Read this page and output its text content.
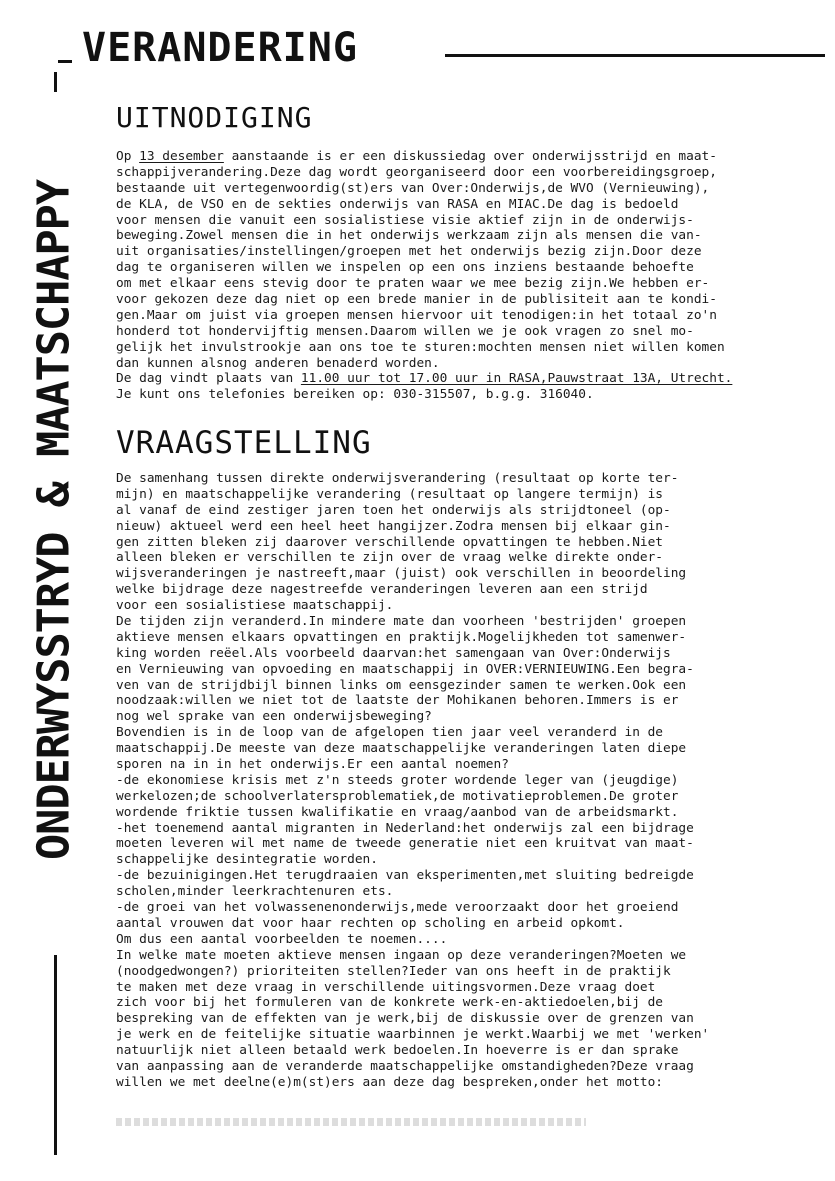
ONDERWYSSTRYD & MAATSCHAPPY
VERANDERING
UITNODIGING
Op 13 desember aanstaande is er een diskussiedag over onderwijsstrijd en maat-
schappijverandering.Deze dag wordt georganiseerd door een voorbereidingsgroep,
bestaande uit vertegenwoordig(st)ers van Over:Onderwijs,de WVO (Vernieuwing),
de KLA, de VSO en de sekties onderwijs van RASA en MIAC.De dag is bedoeld
voor mensen die vanuit een sosialistiese visie aktief zijn in de onderwijs-
beweging.Zowel mensen die in het onderwijs werkzaam zijn als mensen die van-
uit organisaties/instellingen/groepen met het onderwijs bezig zijn.Door deze
dag te organiseren willen we inspelen op een ons inziens bestaande behoefte
om met elkaar eens stevig door te praten waar we mee bezig zijn.We hebben er-
voor gekozen deze dag niet op een brede manier in de publisiteit aan te kondi-
gen.Maar om juist via groepen mensen hiervoor uit tenodigen:in het totaal zo'n
honderd tot hondervijftig mensen.Daarom willen we je ook vragen zo snel mo-
gelijk het invulstrookje aan ons toe te sturen:mochten mensen niet willen komen
dan kunnen alsnog anderen benaderd worden.
De dag vindt plaats van 11.00 uur tot 17.00 uur in RASA,Pauwstraat 13A, Utrecht.
Je kunt ons telefonies bereiken op: 030-315507, b.g.g. 316040.
VRAAGSTELLING
De samenhang tussen direkte onderwijsverandering (resultaat op korte ter-
mijn) en maatschappelijke verandering (resultaat op langere termijn) is
al vanaf de eind zestiger jaren toen het onderwijs als strijdtoneel (op-
nieuw) aktueel werd een heel heet hangijzer.Zodra mensen bij elkaar gin-
gen zitten bleken zij daarover verschillende opvattingen te hebben.Niet
alleen bleken er verschillen te zijn over de vraag welke direkte onder-
wijsveranderingen je nastreeft,maar (juist) ook verschillen in beoordeling
welke bijdrage deze nagestreefde veranderingen leveren aan een strijd
voor een sosialistiese maatschappij.
De tijden zijn veranderd.In mindere mate dan voorheen 'bestrijden' groepen
aktieve mensen elkaars opvattingen en praktijk.Mogelijkheden tot samenwer-
king worden reëel.Als voorbeeld daarvan:het samengaan van Over:Onderwijs
en Vernieuwing van opvoeding en maatschappij in OVER:VERNIEUWING.Een begra-
ven van de strijdbijl binnen links om eensgezinder samen te werken.Ook een
noodzaak:willen we niet tot de laatste der Mohikanen behoren.Immers is er
nog wel sprake van een onderwijsbeweging?
Bovendien is in de loop van de afgelopen tien jaar veel veranderd in de
maatschappij.De meeste van deze maatschappelijke veranderingen laten diepe
sporen na in in het onderwijs.Er een aantal noemen?
-de ekonomiese krisis met z'n steeds groter wordende leger van (jeugdige)
werkelozen;de schoolverlatersproblematiek,de motivatieproblemen.De groter
wordende friktie tussen kwalifikatie en vraag/aanbod van de arbeidsmarkt.
-het toenemend aantal migranten in Nederland:het onderwijs zal een bijdrage
moeten leveren wil met name de tweede generatie niet een kruitvat van maat-
schappelijke desintegratie worden.
-de bezuinigingen.Het terugdraaien van eksperimenten,met sluiting bedreigde
scholen,minder leerkrachtenuren ets.
-de groei van het volwassenenonderwijs,mede veroorzaakt door het groeiend
aantal vrouwen dat voor haar rechten op scholing en arbeid opkomt.
Om dus een aantal voorbeelden te noemen....
In welke mate moeten aktieve mensen ingaan op deze veranderingen?Moeten we
(noodgedwongen?) prioriteiten stellen?Ieder van ons heeft in de praktijk
te maken met deze vraag in verschillende uitingsvormen.Deze vraag doet
zich voor bij het formuleren van de konkrete werk-en-aktiedoelen,bij de
bespreking van de effekten van je werk,bij de diskussie over de grenzen van
je werk en de feitelijke situatie waarbinnen je werkt.Waarbij we met 'werken'
natuurlijk niet alleen betaald werk bedoelen.In hoeverre is er dan sprake
van aanpassing aan de veranderde maatschappelijke omstandigheden?Deze vraag
willen we met deelne(e)m(st)ers aan deze dag bespreken,onder het motto:
